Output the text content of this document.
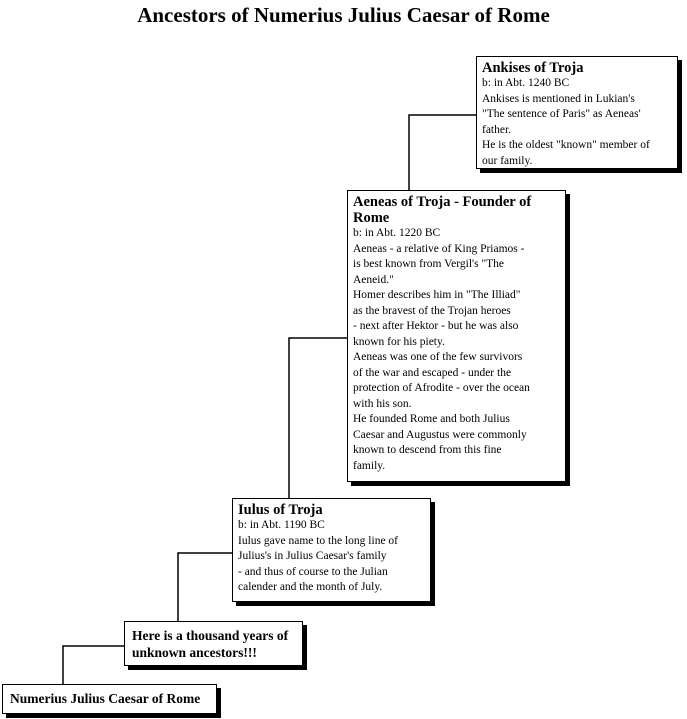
Ancestors of Numerius Julius Caesar of Rome
Ankises of Troja
b: in Abt. 1240 BC
Ankises is mentioned in Lukian's
"The sentence of Paris" as Aeneas'
father.
He is the oldest "known" member of
our family.
Aeneas of Troja - Founder of Rome
b: in Abt. 1220 BC
Aeneas - a relative of King Priamos -
is best known from Vergil's "The
Aeneid."
Homer describes him in "The Illiad"
as the bravest of the Trojan heroes
- next after Hektor - but he was also
known for his piety.
Aeneas was one of the few survivors
of the war and escaped - under the
protection of Afrodite - over the ocean
with his son.
He founded Rome and both Julius
Caesar and Augustus were commonly
known to descend from this fine
family.
Iulus of Troja
b: in Abt. 1190 BC
Iulus gave name to the long line of
Julius's in Julius Caesar's family
- and thus of course to the Julian
calender and the month of July.
Here is a thousand years of unknown ancestors!!!
Numerius Julius Caesar of Rome
